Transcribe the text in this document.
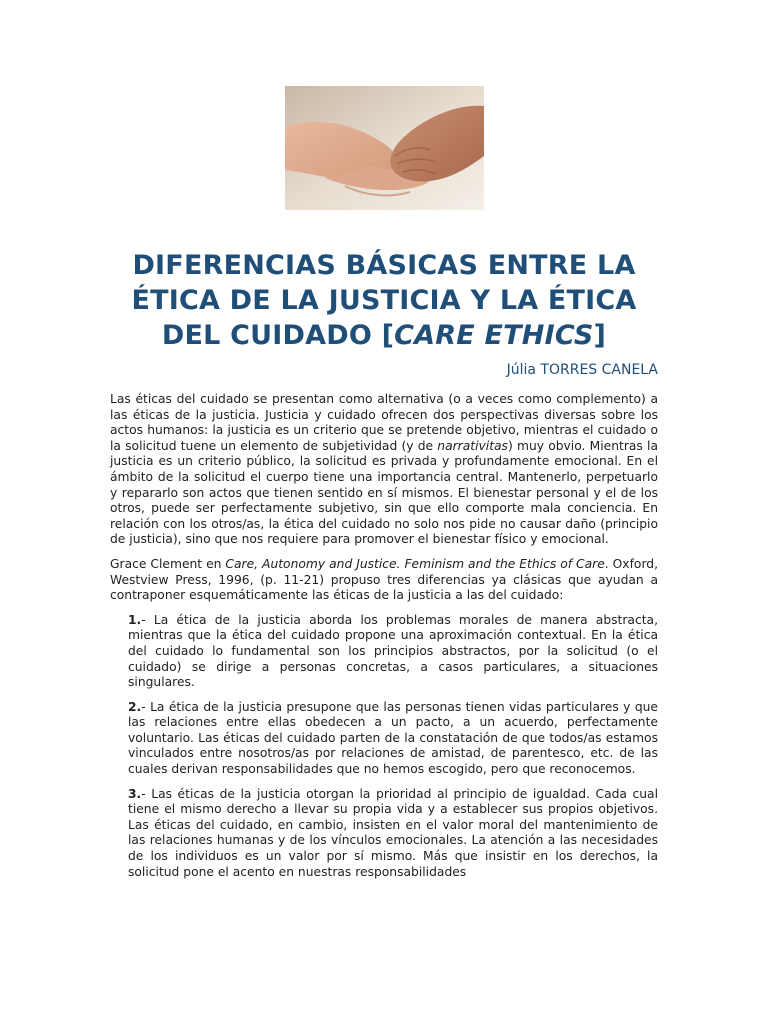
DIFERENCIAS BÁSICAS ENTRE LA
ÉTICA DE LA JUSTICIA Y LA ÉTICA
DEL CUIDADO [CARE ETHICS]
Júlia TORRES CANELA

Las éticas del cuidado se presentan como alternativa (o a veces como complemento) a las éticas de la justicia. Justicia y cuidado ofrecen dos perspectivas diversas sobre los actos humanos: la justicia es un criterio que se pretende objetivo, mientras el cuidado o la solicitud tuene un elemento de subjetividad (y de narrativitas) muy obvio. Mientras la justicia es un criterio público, la solicitud es privada y profundamente emocional. En el ámbito de la solicitud el cuerpo tiene una importancia central. Mantenerlo, perpetuarlo y repararlo son actos que tienen sentido en sí mismos. El bienestar personal y el de los otros, puede ser perfectamente subjetivo, sin que ello comporte mala conciencia. En relación con los otros/as, la ética del cuidado no solo nos pide no causar daño (principio de justicia), sino que nos requiere para promover el bienestar físico y emocional.

Grace Clement en Care, Autonomy and Justice. Feminism and the Ethics of Care. Oxford, Westview Press, 1996, (p. 11-21) propuso tres diferencias ya clásicas que ayudan a contraponer esquemáticamente las éticas de la justicia a las del cuidado:

1.- La ética de la justicia aborda los problemas morales de manera abstracta, mientras que la ética del cuidado propone una aproximación contextual. En la ética del cuidado lo fundamental son los principios abstractos, por la solicitud (o el cuidado) se dirige a personas concretas, a casos particulares, a situaciones singulares.

2.- La ética de la justicia presupone que las personas tienen vidas particulares y que las relaciones entre ellas obedecen a un pacto, a un acuerdo, perfectamente voluntario. Las éticas del cuidado parten de la constatación de que todos/as estamos vinculados entre nosotros/as por relaciones de amistad, de parentesco, etc. de las cuales derivan responsabilidades que no hemos escogido, pero que reconocemos.

3.- Las éticas de la justicia otorgan la prioridad al principio de igualdad. Cada cual tiene el mismo derecho a llevar su propia vida y a establecer sus propios objetivos. Las éticas del cuidado, en cambio, insisten en el valor moral del mantenimiento de las relaciones humanas y de los vínculos emocionales. La atención a las necesidades de los individuos es un valor por sí mismo. Más que insistir en los derechos, la solicitud pone el acento en nuestras responsabilidades
